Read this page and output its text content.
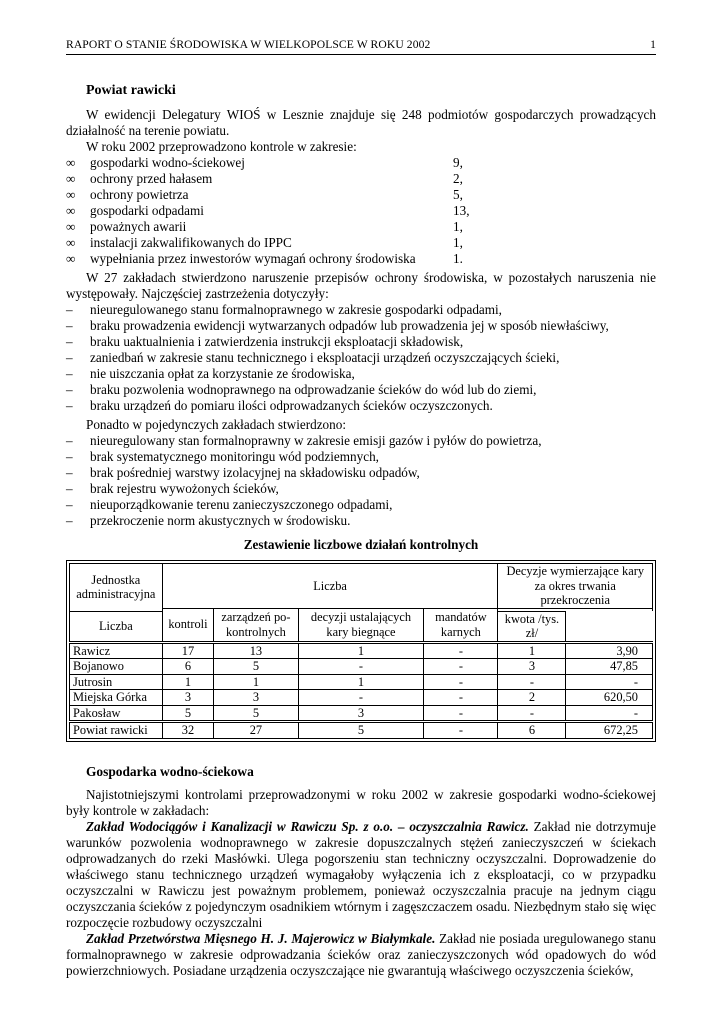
RAPORT O STANIE ŚRODOWISKA W WIELKOPOLSCE W ROKU 2002	1
Powiat rawicki

W ewidencji Delegatury WIOŚ w Lesznie znajduje się 248 podmiotów gospodarczych prowadzących działalność na terenie powiatu.

W roku 2002 przeprowadzono kontrole w zakresie:

∞ gospodarki wodno-ściekowej	9,
∞ ochrony przed hałasem	2,
∞ ochrony powietrza	5,
∞ gospodarki odpadami	13,
∞ poważnych awarii	1,
∞ instalacji zakwalifikowanych do IPPC	1,
∞ wypełniania przez inwestorów wymagań ochrony środowiska	1.

W 27 zakładach stwierdzono naruszenie przepisów ochrony środowiska, w pozostałych naruszenia nie występowały. Najczęściej zastrzeżenia dotyczyły:

– nieuregulowanego stanu formalnoprawnego w zakresie gospodarki odpadami,
– braku prowadzenia ewidencji wytwarzanych odpadów lub prowadzenia jej w sposób niewłaściwy,
– braku uaktualnienia i zatwierdzenia instrukcji eksploatacji składowisk,
– zaniedbań w zakresie stanu technicznego i eksploatacji urządzeń oczyszczających ścieki,
– nie uiszczania opłat za korzystanie ze środowiska,
– braku pozwolenia wodnoprawnego na odprowadzanie ścieków do wód lub do ziemi,
– braku urządzeń do pomiaru ilości odprowadzanych ścieków oczyszczonych.

Ponadto w pojedynczych zakładach stwierdzono:

– nieuregulowany stan formalnoprawny w zakresie emisji gazów i pyłów do powietrza,
– brak systematycznego monitoringu wód podziemnych,
– brak pośredniej warstwy izolacyjnej na składowisku odpadów,
– brak rejestru wywożonych ścieków,
– nieuporządkowanie terenu zanieczyszczonego odpadami,
– przekroczenie norm akustycznych w środowisku.
Zestawienie liczbowe działań kontrolnych
Jednostka administracyjna	Liczba				Decyzje wymierzające kary za okres trwania przekroczenia	
	kontroli	zarządzeń po-kontrolnych	decyzji ustalających kary biegnące	mandatów karnych		
Liczba					kwota /tys. zł/	
Rawicz	17	13	1	-	1	3,90
Bojanowo	6	5	-	-	3	47,85
Jutrosin	1	1	1	-	-	-
Miejska Górka	3	3	-	-	2	620,50
Pakosław	5	5	3	-	-	-
Powiat rawicki	32	27	5	-	6	672,25
Gospodarka wodno-ściekowa

Najistotniejszymi kontrolami przeprowadzonymi w roku 2002 w zakresie gospodarki wodno-ściekowej były kontrole w zakładach:

Zakład Wodociągów i Kanalizacji w Rawiczu Sp. z o.o. – oczyszczalnia Rawicz. Zakład nie dotrzymuje warunków pozwolenia wodnoprawnego w zakresie dopuszczalnych stężeń zanieczyszczeń w ściekach odprowadzanych do rzeki Masłówki. Ulega pogorszeniu stan techniczny oczyszczalni. Doprowadzenie do właściwego stanu technicznego urządzeń wymagałoby wyłączenia ich z eksploatacji, co w przypadku oczyszczalni w Rawiczu jest poważnym problemem, ponieważ oczyszczalnia pracuje na jednym ciągu oczyszczania ścieków z pojedynczym osadnikiem wtórnym i zagęszczaczem osadu. Niezbędnym stało się więc rozpoczęcie rozbudowy oczyszczalni

Zakład Przetwórstwa Mięsnego H. J. Majerowicz w Białymkale. Zakład nie posiada uregulowanego stanu formalnoprawnego w zakresie odprowadzania ścieków oraz zanieczyszczonych wód opadowych do wód powierzchniowych. Posiadane urządzenia oczyszczające nie gwarantują właściwego oczyszczenia ścieków,
